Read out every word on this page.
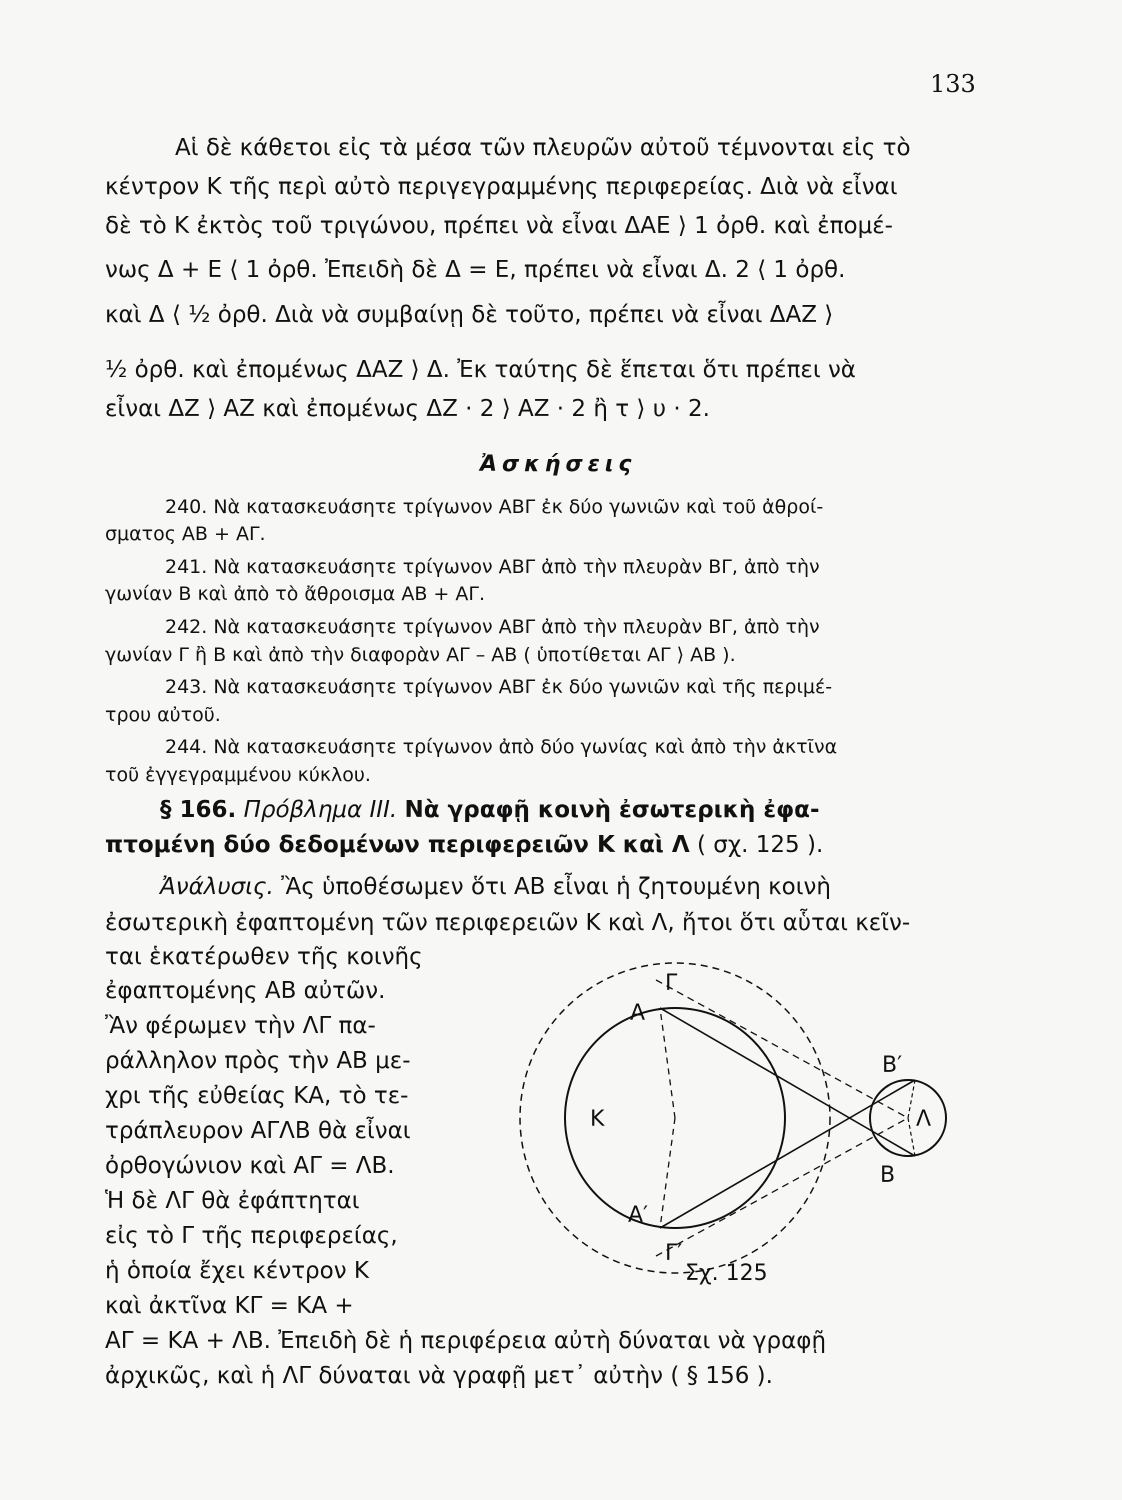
133
Αἱ δὲ κάθετοι εἰς τὰ μέσα τῶν πλευρῶν αὐτοῦ τέμνονται εἰς τὸ
κέντρον Κ τῆς περὶ αὐτὸ περιγεγραμμένης περιφερείας. Διὰ νὰ εἶναι
δὲ τὸ Κ ἐκτὸς τοῦ τριγώνου, πρέπει νὰ εἶναι ΔΑΕ ⟩ 1 ὀρθ. καὶ ἐπομέ-
νως Δ + Ε ⟨ 1 ὀρθ. Ἐπειδὴ δὲ Δ = Ε, πρέπει νὰ εἶναι Δ. 2 ⟨ 1 ὀρθ.
καὶ Δ ⟨ ½ ὀρθ. Διὰ νὰ συμβαίνῃ δὲ τοῦτο, πρέπει νὰ εἶναι ΔΑΖ ⟩
½ ὀρθ. καὶ ἐπομένως ΔΑΖ ⟩ Δ. Ἐκ ταύτης δὲ ἕπεται ὅτι πρέπει νὰ
εἶναι ΔΖ ⟩ ΑΖ καὶ ἐπομένως ΔΖ · 2 ⟩ ΑΖ · 2 ἢ τ ⟩ υ · 2.
Ἀσκήσεις
240. Νὰ κατασκευάσητε τρίγωνον ΑΒΓ ἐκ δύο γωνιῶν καὶ τοῦ ἀθροί-
σματος ΑΒ + ΑΓ.
241. Νὰ κατασκευάσητε τρίγωνον ΑΒΓ ἀπὸ τὴν πλευρὰν ΒΓ, ἀπὸ τὴν
γωνίαν Β καὶ ἀπὸ τὸ ἄθροισμα ΑΒ + ΑΓ.
242. Νὰ κατασκευάσητε τρίγωνον ΑΒΓ ἀπὸ τὴν πλευρὰν ΒΓ, ἀπὸ τὴν
γωνίαν Γ ἢ Β καὶ ἀπὸ τὴν διαφορὰν ΑΓ – ΑΒ ( ὑποτίθεται ΑΓ ⟩ ΑΒ ).
243. Νὰ κατασκευάσητε τρίγωνον ΑΒΓ ἐκ δύο γωνιῶν καὶ τῆς περιμέ-
τρου αὐτοῦ.
244. Νὰ κατασκευάσητε τρίγωνον ἀπὸ δύο γωνίας καὶ ἀπὸ τὴν ἀκτῖνα
τοῦ ἐγγεγραμμένου κύκλου.
§ 166. Πρόβλημα ΙΙΙ. Νὰ γραφῇ κοινὴ ἐσωτερικὴ ἐφα-
πτομένη δύο δεδομένων περιφερειῶν Κ καὶ Λ ( σχ. 125 ).
Ἀνάλυσις. Ἂς ὑποθέσωμεν ὅτι ΑΒ εἶναι ἡ ζητουμένη κοινὴ
ἐσωτερικὴ ἐφαπτομένη τῶν περιφερειῶν Κ καὶ Λ, ἤτοι ὅτι αὗται κεῖν-
ται ἑκατέρωθεν τῆς κοινῆς
ἐφαπτομένης ΑΒ αὐτῶν.
Ἂν φέρωμεν τὴν ΛΓ πα-
ράλληλον πρὸς τὴν ΑΒ με-
χρι τῆς εὐθείας ΚΑ, τὸ τε-
τράπλευρον ΑΓΛΒ θὰ εἶναι
ὀρθογώνιον καὶ ΑΓ = ΛΒ.
Ἡ δὲ ΛΓ θὰ ἐφάπτηται
εἰς τὸ Γ τῆς περιφερείας,
ἡ ὁποία ἔχει κέντρον Κ
καὶ ἀκτῖνα ΚΓ = ΚΑ +
ΑΓ = ΚΑ + ΛΒ. Ἐπειδὴ δὲ ἡ περιφέρεια αὐτὴ δύναται νὰ γραφῇ
ἀρχικῶς, καὶ ἡ ΛΓ δύναται νὰ γραφῇ μετ᾽ αὐτὴν ( § 156 ).
Γ
Α
Κ
Β′
Λ
Β
Α′
Γ′
Σχ. 125
